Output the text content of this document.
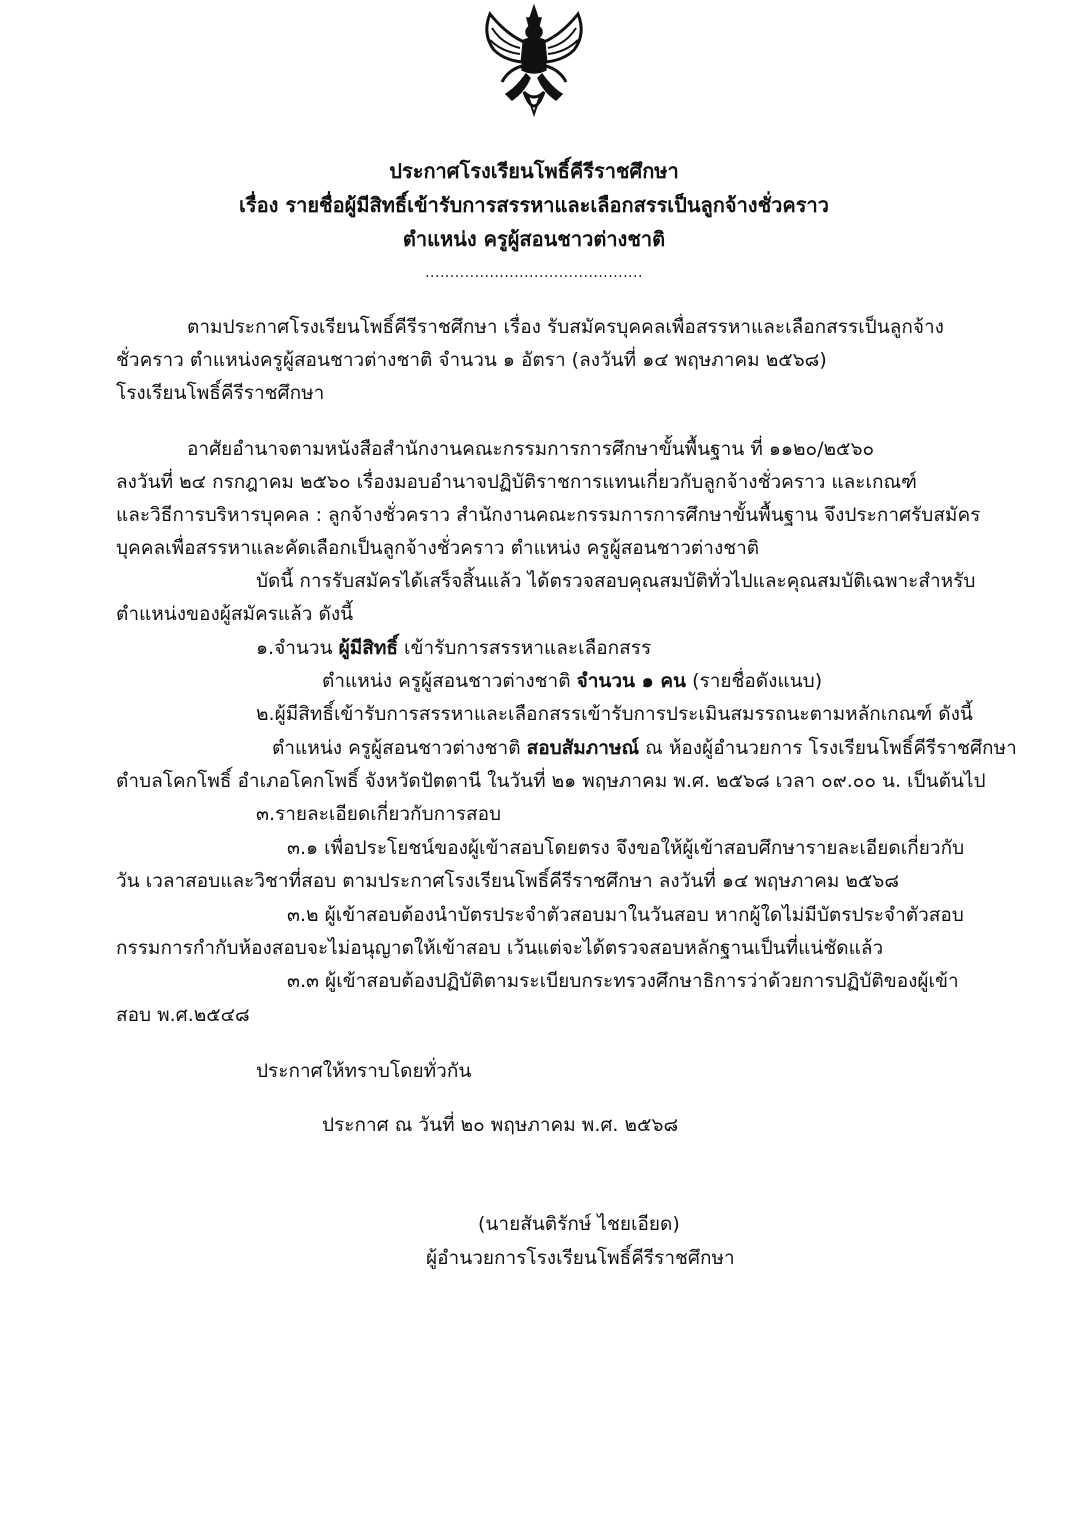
ประกาศโรงเรียนโพธิ์คีรีราชศึกษา
เรื่อง รายชื่อผู้มีสิทธิ์เข้ารับการสรรหาและเลือกสรรเป็นลูกจ้างชั่วคราว
ตำแหน่ง ครูผู้สอนชาวต่างชาติ
............................................
ตามประกาศโรงเรียนโพธิ์คีรีราชศึกษา เรื่อง รับสมัครบุคคลเพื่อสรรหาและเลือกสรรเป็นลูกจ้าง
ชั่วคราว ตำแหน่งครูผู้สอนชาวต่างชาติ จำนวน ๑ อัตรา (ลงวันที่ ๑๔ พฤษภาคม ๒๕๖๘)
โรงเรียนโพธิ์คีรีราชศึกษา
อาศัยอำนาจตามหนังสือสำนักงานคณะกรรมการการศึกษาขั้นพื้นฐาน ที่ ๑๑๒๐/๒๕๖๐
ลงวันที่ ๒๔ กรกฎาคม ๒๕๖๐ เรื่องมอบอำนาจปฏิบัติราชการแทนเกี่ยวกับลูกจ้างชั่วคราว และเกณฑ์
และวิธีการบริหารบุคคล : ลูกจ้างชั่วคราว สำนักงานคณะกรรมการการศึกษาขั้นพื้นฐาน จึงประกาศรับสมัคร
บุคคลเพื่อสรรหาและคัดเลือกเป็นลูกจ้างชั่วคราว ตำแหน่ง ครูผู้สอนชาวต่างชาติ
บัดนี้ การรับสมัครได้เสร็จสิ้นแล้ว ได้ตรวจสอบคุณสมบัติทั่วไปและคุณสมบัติเฉพาะสำหรับ
ตำแหน่งของผู้สมัครแล้ว ดังนี้
๑.จำนวน ผู้มีสิทธิ์ เข้ารับการสรรหาและเลือกสรร
ตำแหน่ง ครูผู้สอนชาวต่างชาติ จำนวน ๑ คน (รายชื่อดังแนบ)
๒.ผู้มีสิทธิ์เข้ารับการสรรหาและเลือกสรรเข้ารับการประเมินสมรรถนะตามหลักเกณฑ์ ดังนี้
ตำแหน่ง ครูผู้สอนชาวต่างชาติ สอบสัมภาษณ์ ณ ห้องผู้อำนวยการ โรงเรียนโพธิ์คีรีราชศึกษา
ตำบลโคกโพธิ์ อำเภอโคกโพธิ์ จังหวัดปัตตานี ในวันที่ ๒๑ พฤษภาคม พ.ศ. ๒๕๖๘ เวลา ๐๙.๐๐ น. เป็นต้นไป
๓.รายละเอียดเกี่ยวกับการสอบ
๓.๑ เพื่อประโยชน์ของผู้เข้าสอบโดยตรง จึงขอให้ผู้เข้าสอบศึกษารายละเอียดเกี่ยวกับ
วัน เวลาสอบและวิชาที่สอบ ตามประกาศโรงเรียนโพธิ์คีรีราชศึกษา ลงวันที่ ๑๔ พฤษภาคม ๒๕๖๘
๓.๒ ผู้เข้าสอบต้องนำบัตรประจำตัวสอบมาในวันสอบ หากผู้ใดไม่มีบัตรประจำตัวสอบ
กรรมการกำกับห้องสอบจะไม่อนุญาตให้เข้าสอบ เว้นแต่จะได้ตรวจสอบหลักฐานเป็นที่แน่ชัดแล้ว
๓.๓ ผู้เข้าสอบต้องปฏิบัติตามระเบียบกระทรวงศึกษาธิการว่าด้วยการปฏิบัติของผู้เข้า
สอบ พ.ศ.๒๕๔๘
ประกาศให้ทราบโดยทั่วกัน
ประกาศ ณ วันที่ ๒๐ พฤษภาคม พ.ศ. ๒๕๖๘
(นายสันติรักษ์ ไชยเอียด)
ผู้อำนวยการโรงเรียนโพธิ์คีรีราชศึกษา
